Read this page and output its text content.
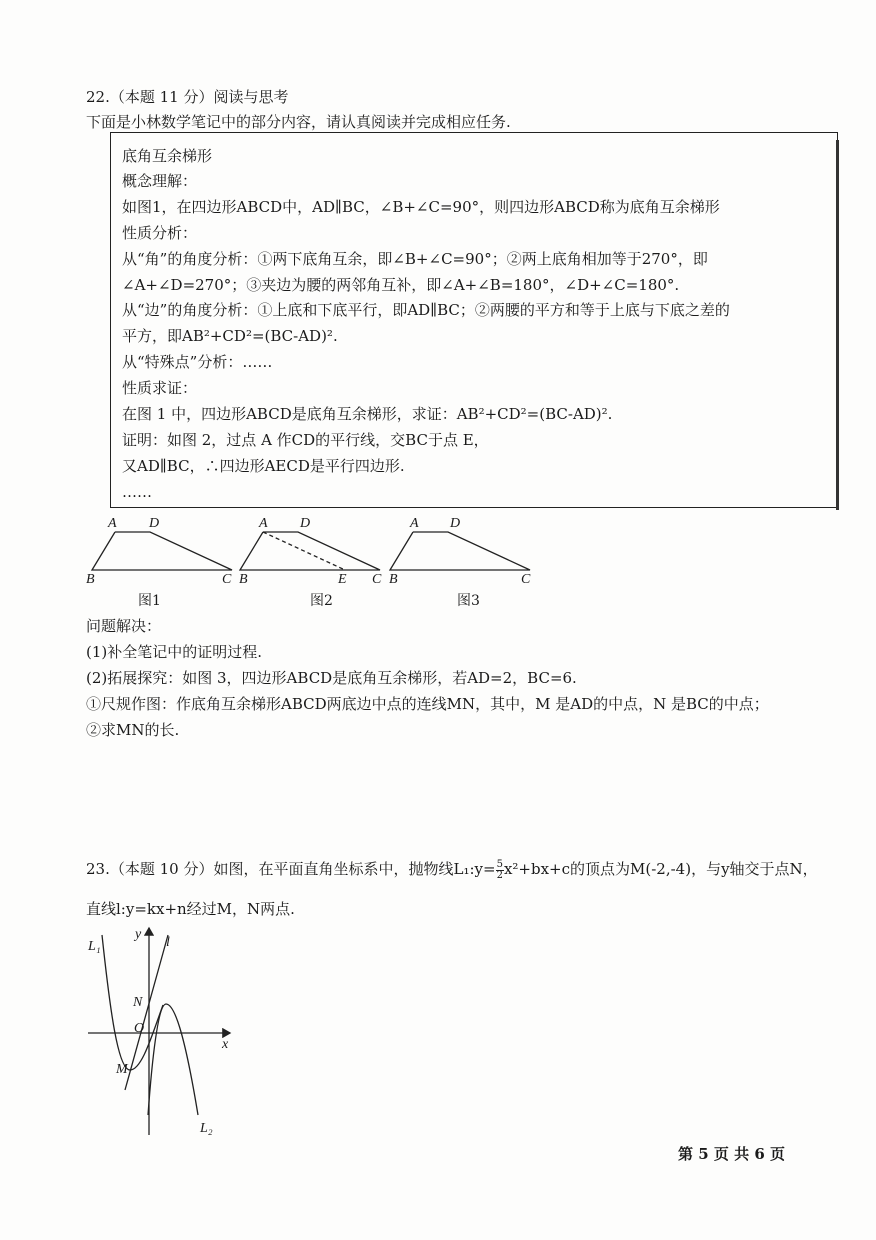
22.（本题 11 分）阅读与思考
下面是小林数学笔记中的部分内容，请认真阅读并完成相应任务.
底角互余梯形
概念理解：
如图1，在四边形ABCD中，AD∥BC，∠B+∠C=90°，则四边形ABCD称为底角互余梯形
性质分析：
从“角”的角度分析：①两下底角互余，即∠B+∠C=90°；②两上底角相加等于270°，即
∠A+∠D=270°；③夹边为腰的两邻角互补，即∠A+∠B=180°，∠D+∠C=180°.
从“边”的角度分析：①上底和下底平行，即AD∥BC；②两腰的平方和等于上底与下底之差的
平方，即AB²+CD²=(BC-AD)².
从“特殊点”分析：……
性质求证：
在图 1 中，四边形ABCD是底角互余梯形，求证：AB²+CD²=(BC-AD)².
证明：如图 2，过点 A 作CD的平行线，交BC于点 E，
又AD∥BC，∴四边形AECD是平行四边形.
……
A D
B	C
A D
B	E C
A D
B	C
图1	图2	图3
问题解决：
(1)补全笔记中的证明过程.
(2)拓展探究：如图 3，四边形ABCD是底角互余梯形，若AD=2，BC=6.
①尺规作图：作底角互余梯形ABCD两底边中点的连线MN，其中，M 是AD的中点，N 是BC的中点；
②求MN的长.
23.（本题 10 分）如图，在平面直角坐标系中，抛物线L₁:y= $\frac{5}{2} x^2+bx+c$的顶点为M(-2,-4)，与y轴交于点N，
直线l:y=kx+n经过M，N两点.
L₁
y
l
N
O
x
M
L₂
第 5 页 共 6 页
